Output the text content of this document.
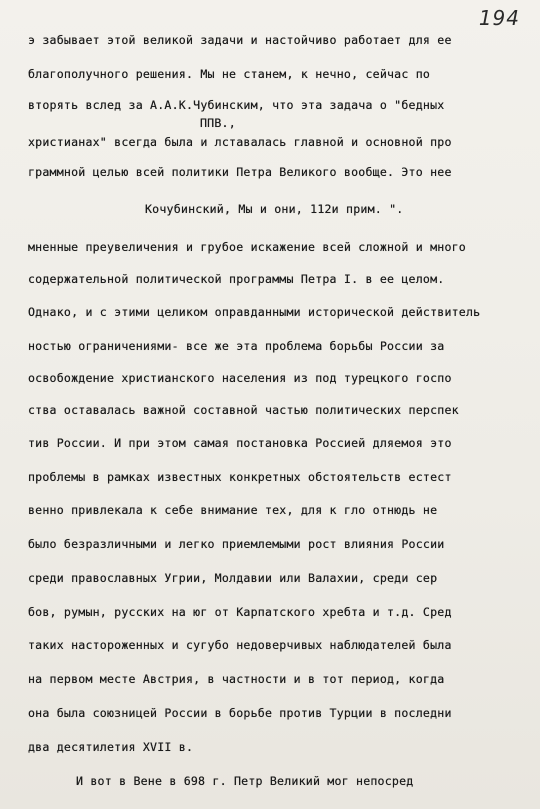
194
э забывает этой великой задачи и настойчиво работает для ее
благополучного решения. Мы не станем, к нечно, сейчас по
вторять вслед за А.А.К.Чубинским, что эта задача о "бедных
ППВ.,
христианах" всегда была и лставалась главной и основной про
граммной целью всей политики Петра Великого вообще. Это нее
Кочубинский, Мы и они, 112и прим. ".
мненные преувеличения и грубое искажение всей сложной и много
содержательной политической программы Петра I. в ее целом.
Однако, и с этими целиком оправданными исторической действитель
ностью ограничениями- все же эта проблема борьбы России за
освобождение христианского населения из под турецкого госпо
ства оставалась важной составной частью политических перспек
тив России. И при этом самая постановка Россией дляемоя это
проблемы в рамках известных конкретных обстоятельств естест
венно привлекала к себе внимание тех, для к гло отнюдь не
было безразличными и легко приемлемыми рост влияния России
среди православных Угрии, Молдавии или Валахии, среди сер
бов, румын, русских на юг от Карпатского хребта и т.д. Сред
таких настороженных и сугубо недоверчивых наблюдателей была
на первом месте Австрия, в частности и в тот период, когда
она была союзницей России в борьбе против Турции в последни
два десятилетия XVII в.
И вот в Вене в 698 г. Петр Великий мог непосред
